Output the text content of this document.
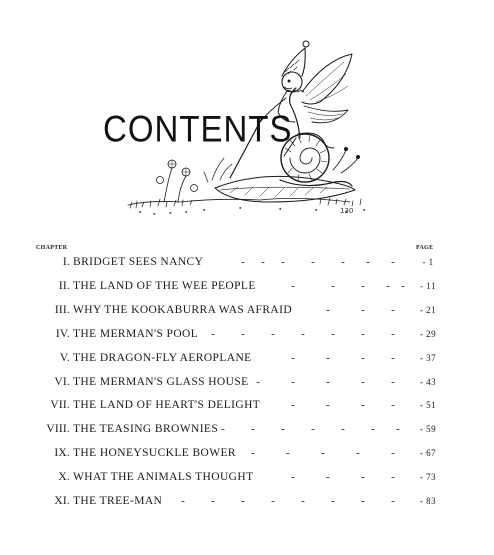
CONTENTS
130
CHAPTER	PAGE
I. BRIDGET SEES NANCY	- - - - - - -	- 1
II. THE LAND OF THE WEE PEOPLE	-	- - - -	- 11
III. WHY THE KOOKABURRA WAS AFRAID	-	- -	- 21
IV. THE MERMAN'S POOL - - - - - - -	- 29
V. THE DRAGON-FLY AEROPLANE	-	-	- -	- 37
VI. THE MERMAN'S GLASS HOUSE -	-	-	- -	- 43
VII. THE LAND OF HEART'S DELIGHT	-	-	- -	- 51
VIII. THE TEASING BROWNIES - - - - - - -	- 59
IX. THE HONEYSUCKLE BOWER -	-	-	-	-	- 67
X. WHAT THE ANIMALS THOUGHT	-	-	- -	- 73
XI. THE TREE-MAN - - - - - - - -	- 83
